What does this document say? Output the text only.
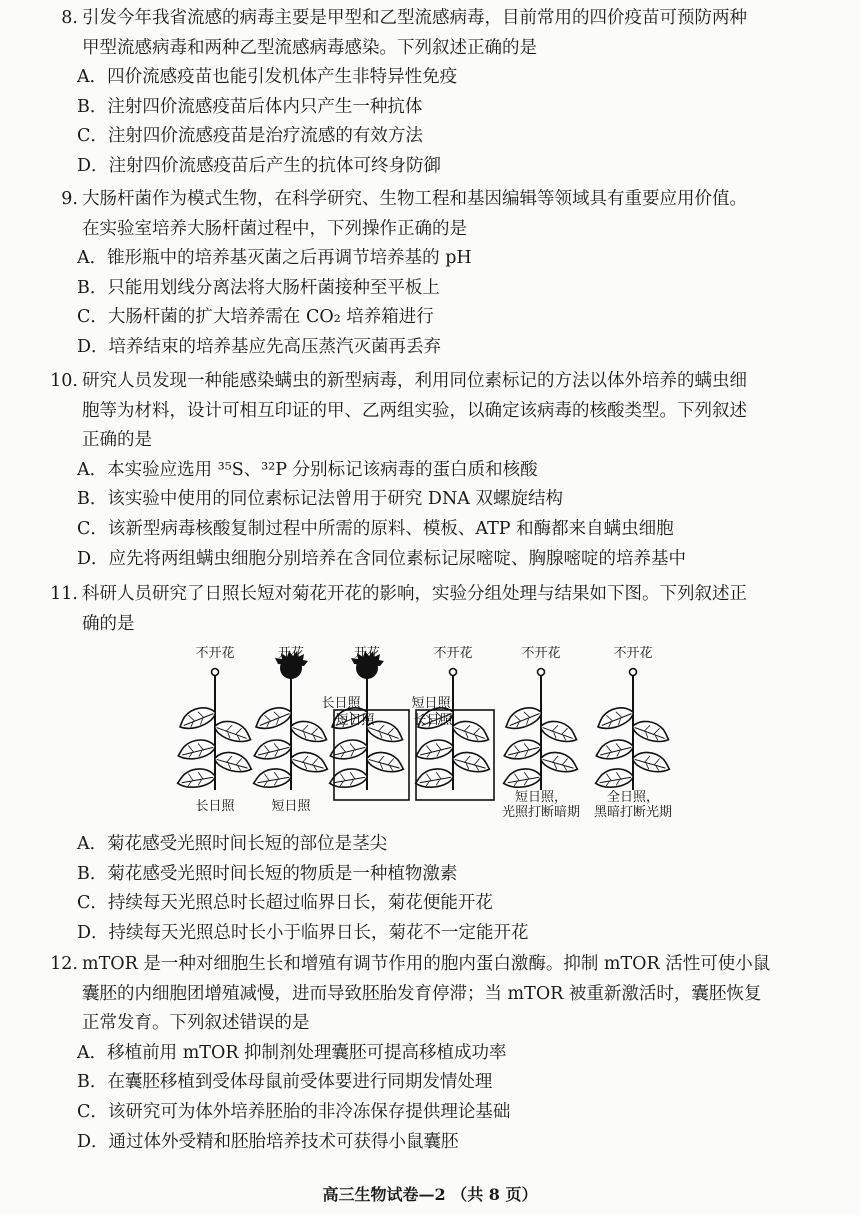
8. 引发今年我省流感的病毒主要是甲型和乙型流感病毒，目前常用的四价疫苗可预防两种
甲型流感病毒和两种乙型流感病毒感染。下列叙述正确的是
A．四价流感疫苗也能引发机体产生非特异性免疫
B．注射四价流感疫苗后体内只产生一种抗体
C．注射四价流感疫苗是治疗流感的有效方法
D．注射四价流感疫苗后产生的抗体可终身防御
9. 大肠杆菌作为模式生物，在科学研究、生物工程和基因编辑等领域具有重要应用价值。
在实验室培养大肠杆菌过程中，下列操作正确的是
A．锥形瓶中的培养基灭菌之后再调节培养基的 pH
B．只能用划线分离法将大肠杆菌接种至平板上
C．大肠杆菌的扩大培养需在 CO₂ 培养箱进行
D．培养结束的培养基应先高压蒸汽灭菌再丢弃
10. 研究人员发现一种能感染螨虫的新型病毒，利用同位素标记的方法以体外培养的螨虫细
胞等为材料，设计可相互印证的甲、乙两组实验，以确定该病毒的核酸类型。下列叙述
正确的是
A．本实验应选用 ³⁵S、³²P 分别标记该病毒的蛋白质和核酸
B．该实验中使用的同位素标记法曾用于研究 DNA 双螺旋结构
C．该新型病毒核酸复制过程中所需的原料、模板、ATP 和酶都来自螨虫细胞
D．应先将两组螨虫细胞分别培养在含同位素标记尿嘧啶、胸腺嘧啶的培养基中
11. 科研人员研究了日照长短对菊花开花的影响，实验分组处理与结果如下图。下列叙述正
确的是
不开花	开花	开花	不开花	不开花	不开花
长日照
短日照
短日照
长日照
长日照	短日照
短日照，
光照打断暗期
全日照，
黑暗打断光期
A．菊花感受光照时间长短的部位是茎尖
B．菊花感受光照时间长短的物质是一种植物激素
C．持续每天光照总时长超过临界日长，菊花便能开花
D．持续每天光照总时长小于临界日长，菊花不一定能开花
12. mTOR 是一种对细胞生长和增殖有调节作用的胞内蛋白激酶。抑制 mTOR 活性可使小鼠
囊胚的内细胞团增殖减慢，进而导致胚胎发育停滞；当 mTOR 被重新激活时，囊胚恢复
正常发育。下列叙述错误的是
A．移植前用 mTOR 抑制剂处理囊胚可提高移植成功率
B．在囊胚移植到受体母鼠前受体要进行同期发情处理
C．该研究可为体外培养胚胎的非冷冻保存提供理论基础
D．通过体外受精和胚胎培养技术可获得小鼠囊胚
高三生物试卷—2 （共 8 页）
